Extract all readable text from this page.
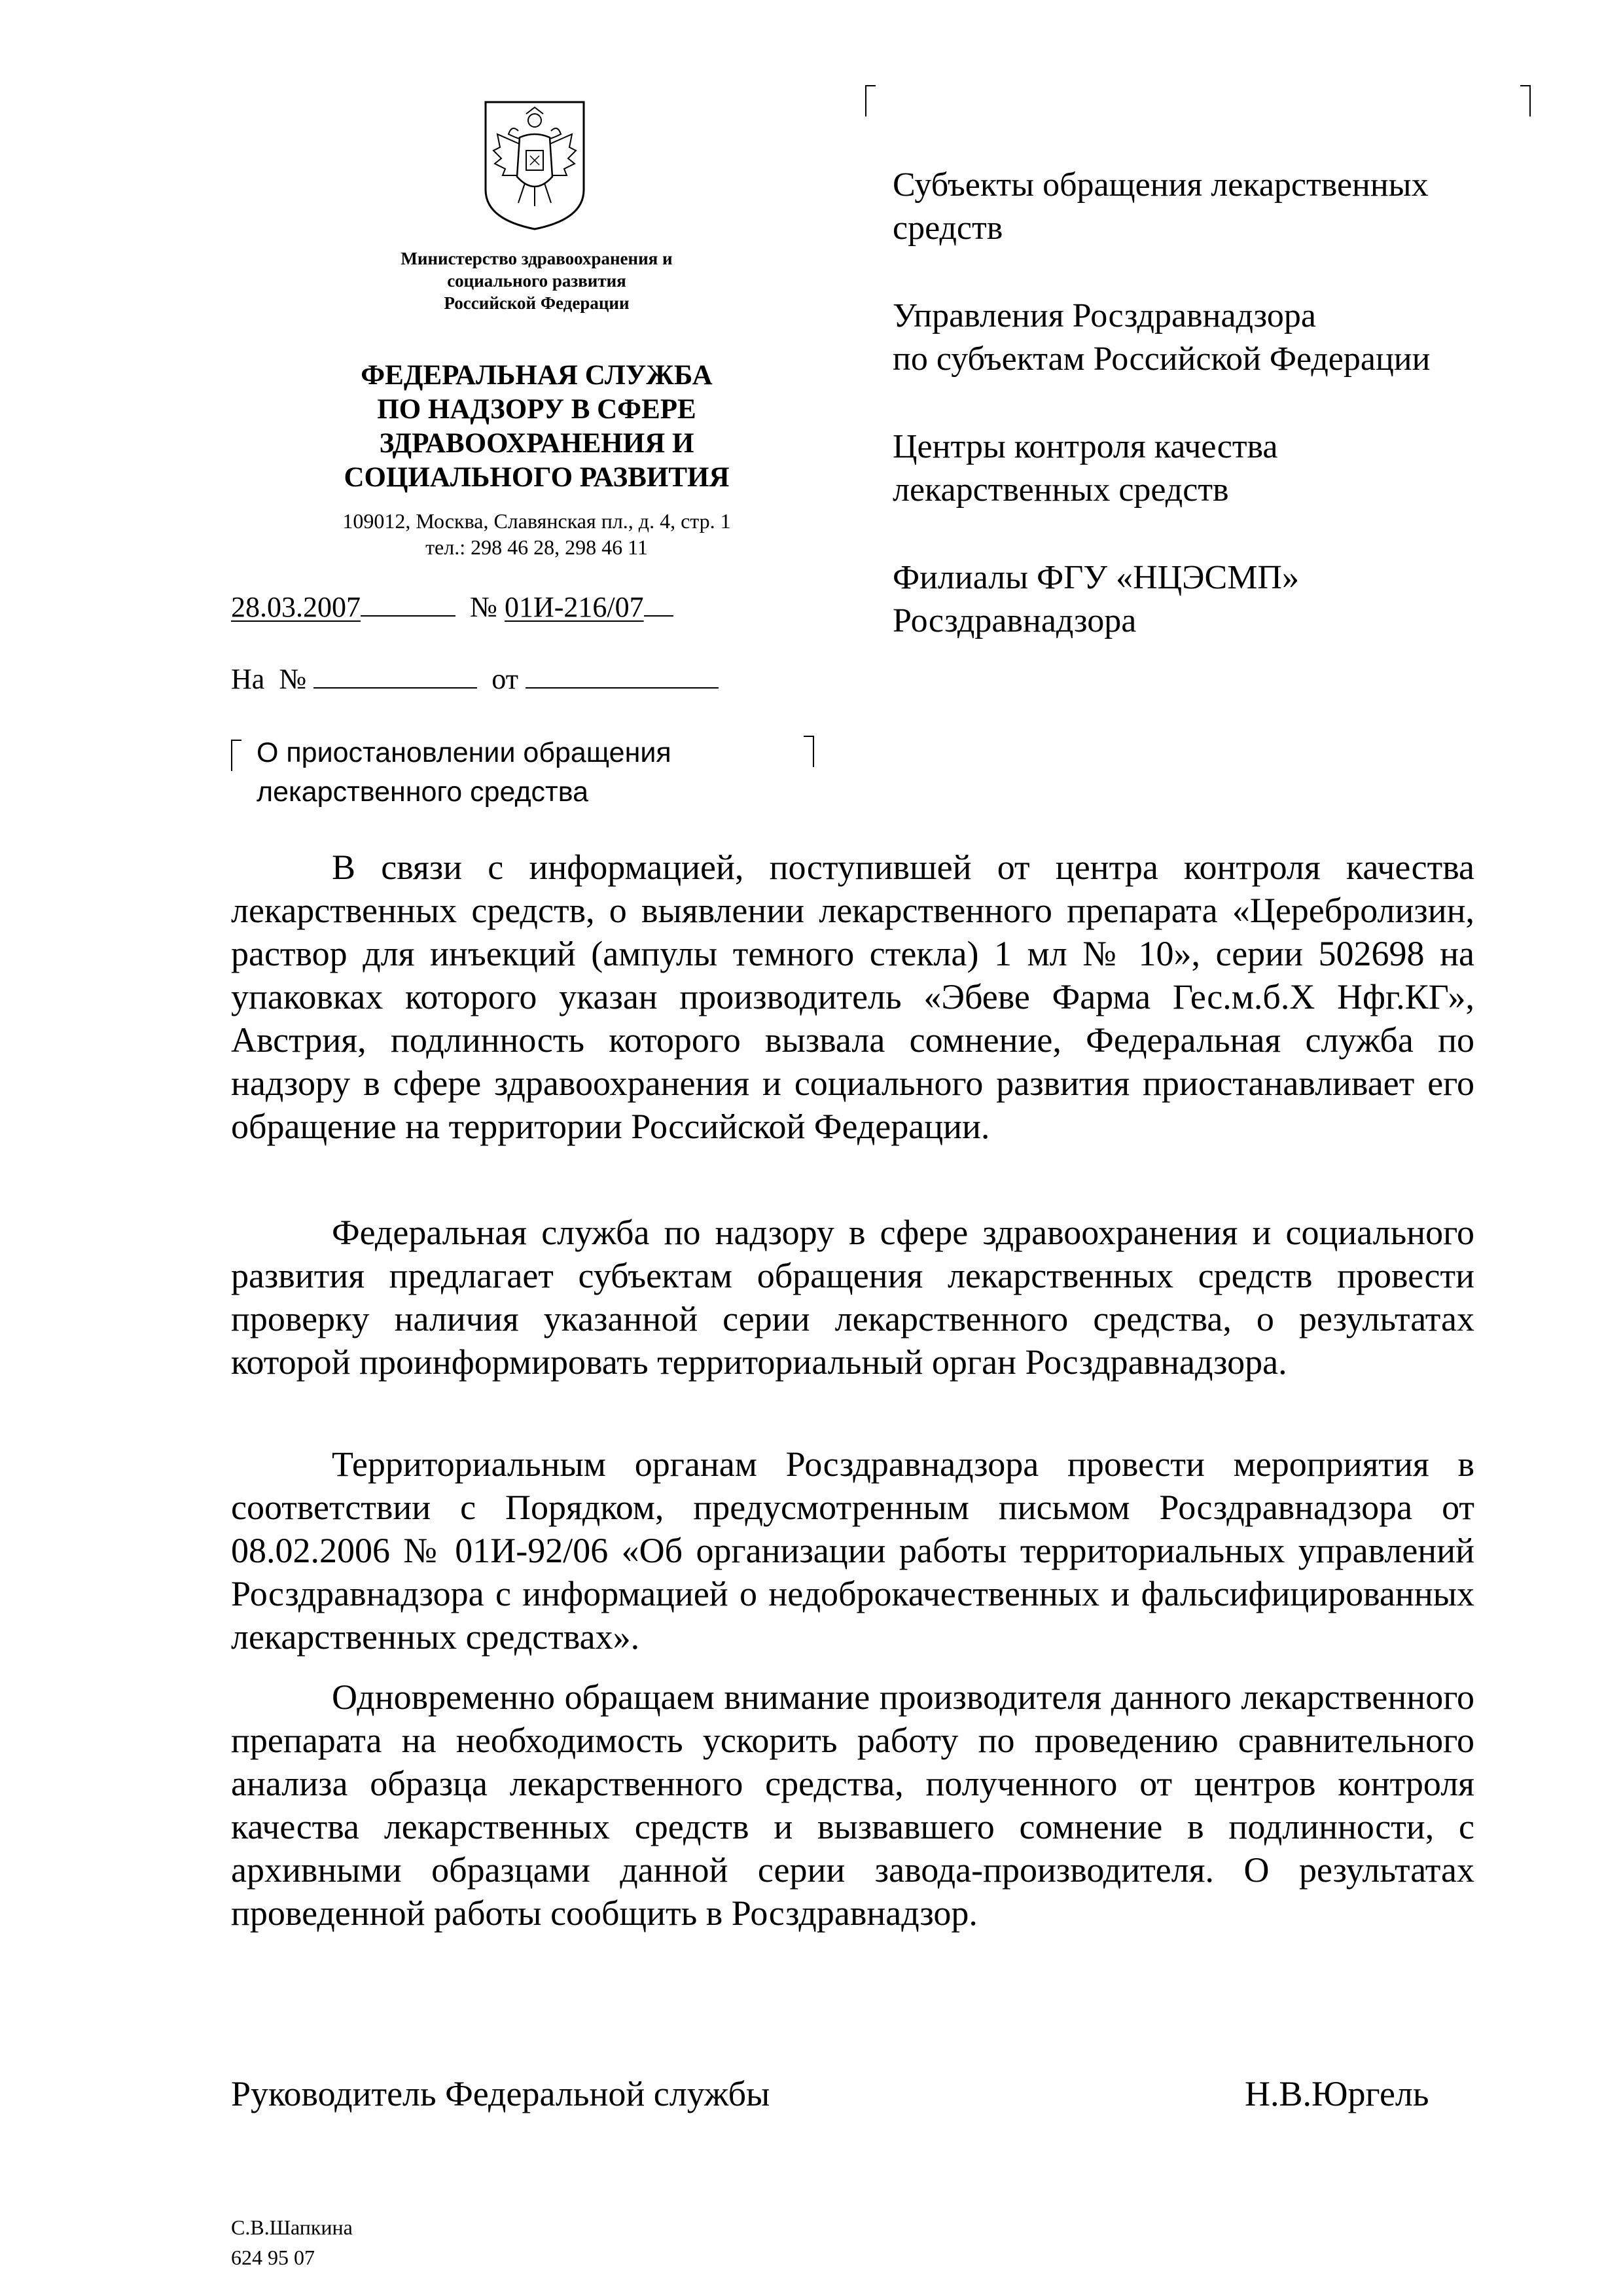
Министерство здравоохранения и
социального развития
Российской Федерации
ФЕДЕРАЛЬНАЯ СЛУЖБА
ПО НАДЗОРУ В СФЕРЕ
ЗДРАВООХРАНЕНИЯ И
СОЦИАЛЬНОГО РАЗВИТИЯ
109012, Москва, Славянская пл., д. 4, стр. 1
тел.: 298 46 28, 298 46 11
28.03.2007	№ 01И-216/07
На №	от
О приостановлении обращения
лекарственного средства
Субъекты обращения лекарственных
средств
Управления Росздравнадзора
по субъектам Российской Федерации
Центры контроля качества
лекарственных средств
Филиалы ФГУ «НЦЭСМП»
Росздравнадзора

В связи с информацией, поступившей от центра контроля качества лекарственных средств, о выявлении лекарственного препарата «Церебролизин, раствор для инъекций (ампулы темного стекла) 1 мл № 10», серии 502698 на упаковках которого указан производитель «Эбеве Фарма Гес.м.б.Х Нфг.КГ», Австрия, подлинность которого вызвала сомнение, Федеральная служба по надзору в сфере здравоохранения и социального развития приостанавливает его обращение на территории Российской Федерации.

Федеральная служба по надзору в сфере здравоохранения и социального развития предлагает субъектам обращения лекарственных средств провести проверку наличия указанной серии лекарственного средства, о результатах которой проинформировать территориальный орган Росздравнадзора.

Территориальным органам Росздравнадзора провести мероприятия в соответствии с Порядком, предусмотренным письмом Росздравнадзора от 08.02.2006 № 01И-92/06 «Об организации работы территориальных управлений Росздравнадзора с информацией о недоброкачественных и фальсифицированных лекарственных средствах».

Одновременно обращаем внимание производителя данного лекарственного препарата на необходимость ускорить работу по проведению сравнительного анализа образца лекарственного средства, полученного от центров контроля качества лекарственных средств и вызвавшего сомнение в подлинности, с архивными образцами данной серии завода-производителя. О результатах проведенной работы сообщить в Росздравнадзор.

Руководитель Федеральной службы	Н.В.Юргель
С.В.Шапкина
624 95 07
